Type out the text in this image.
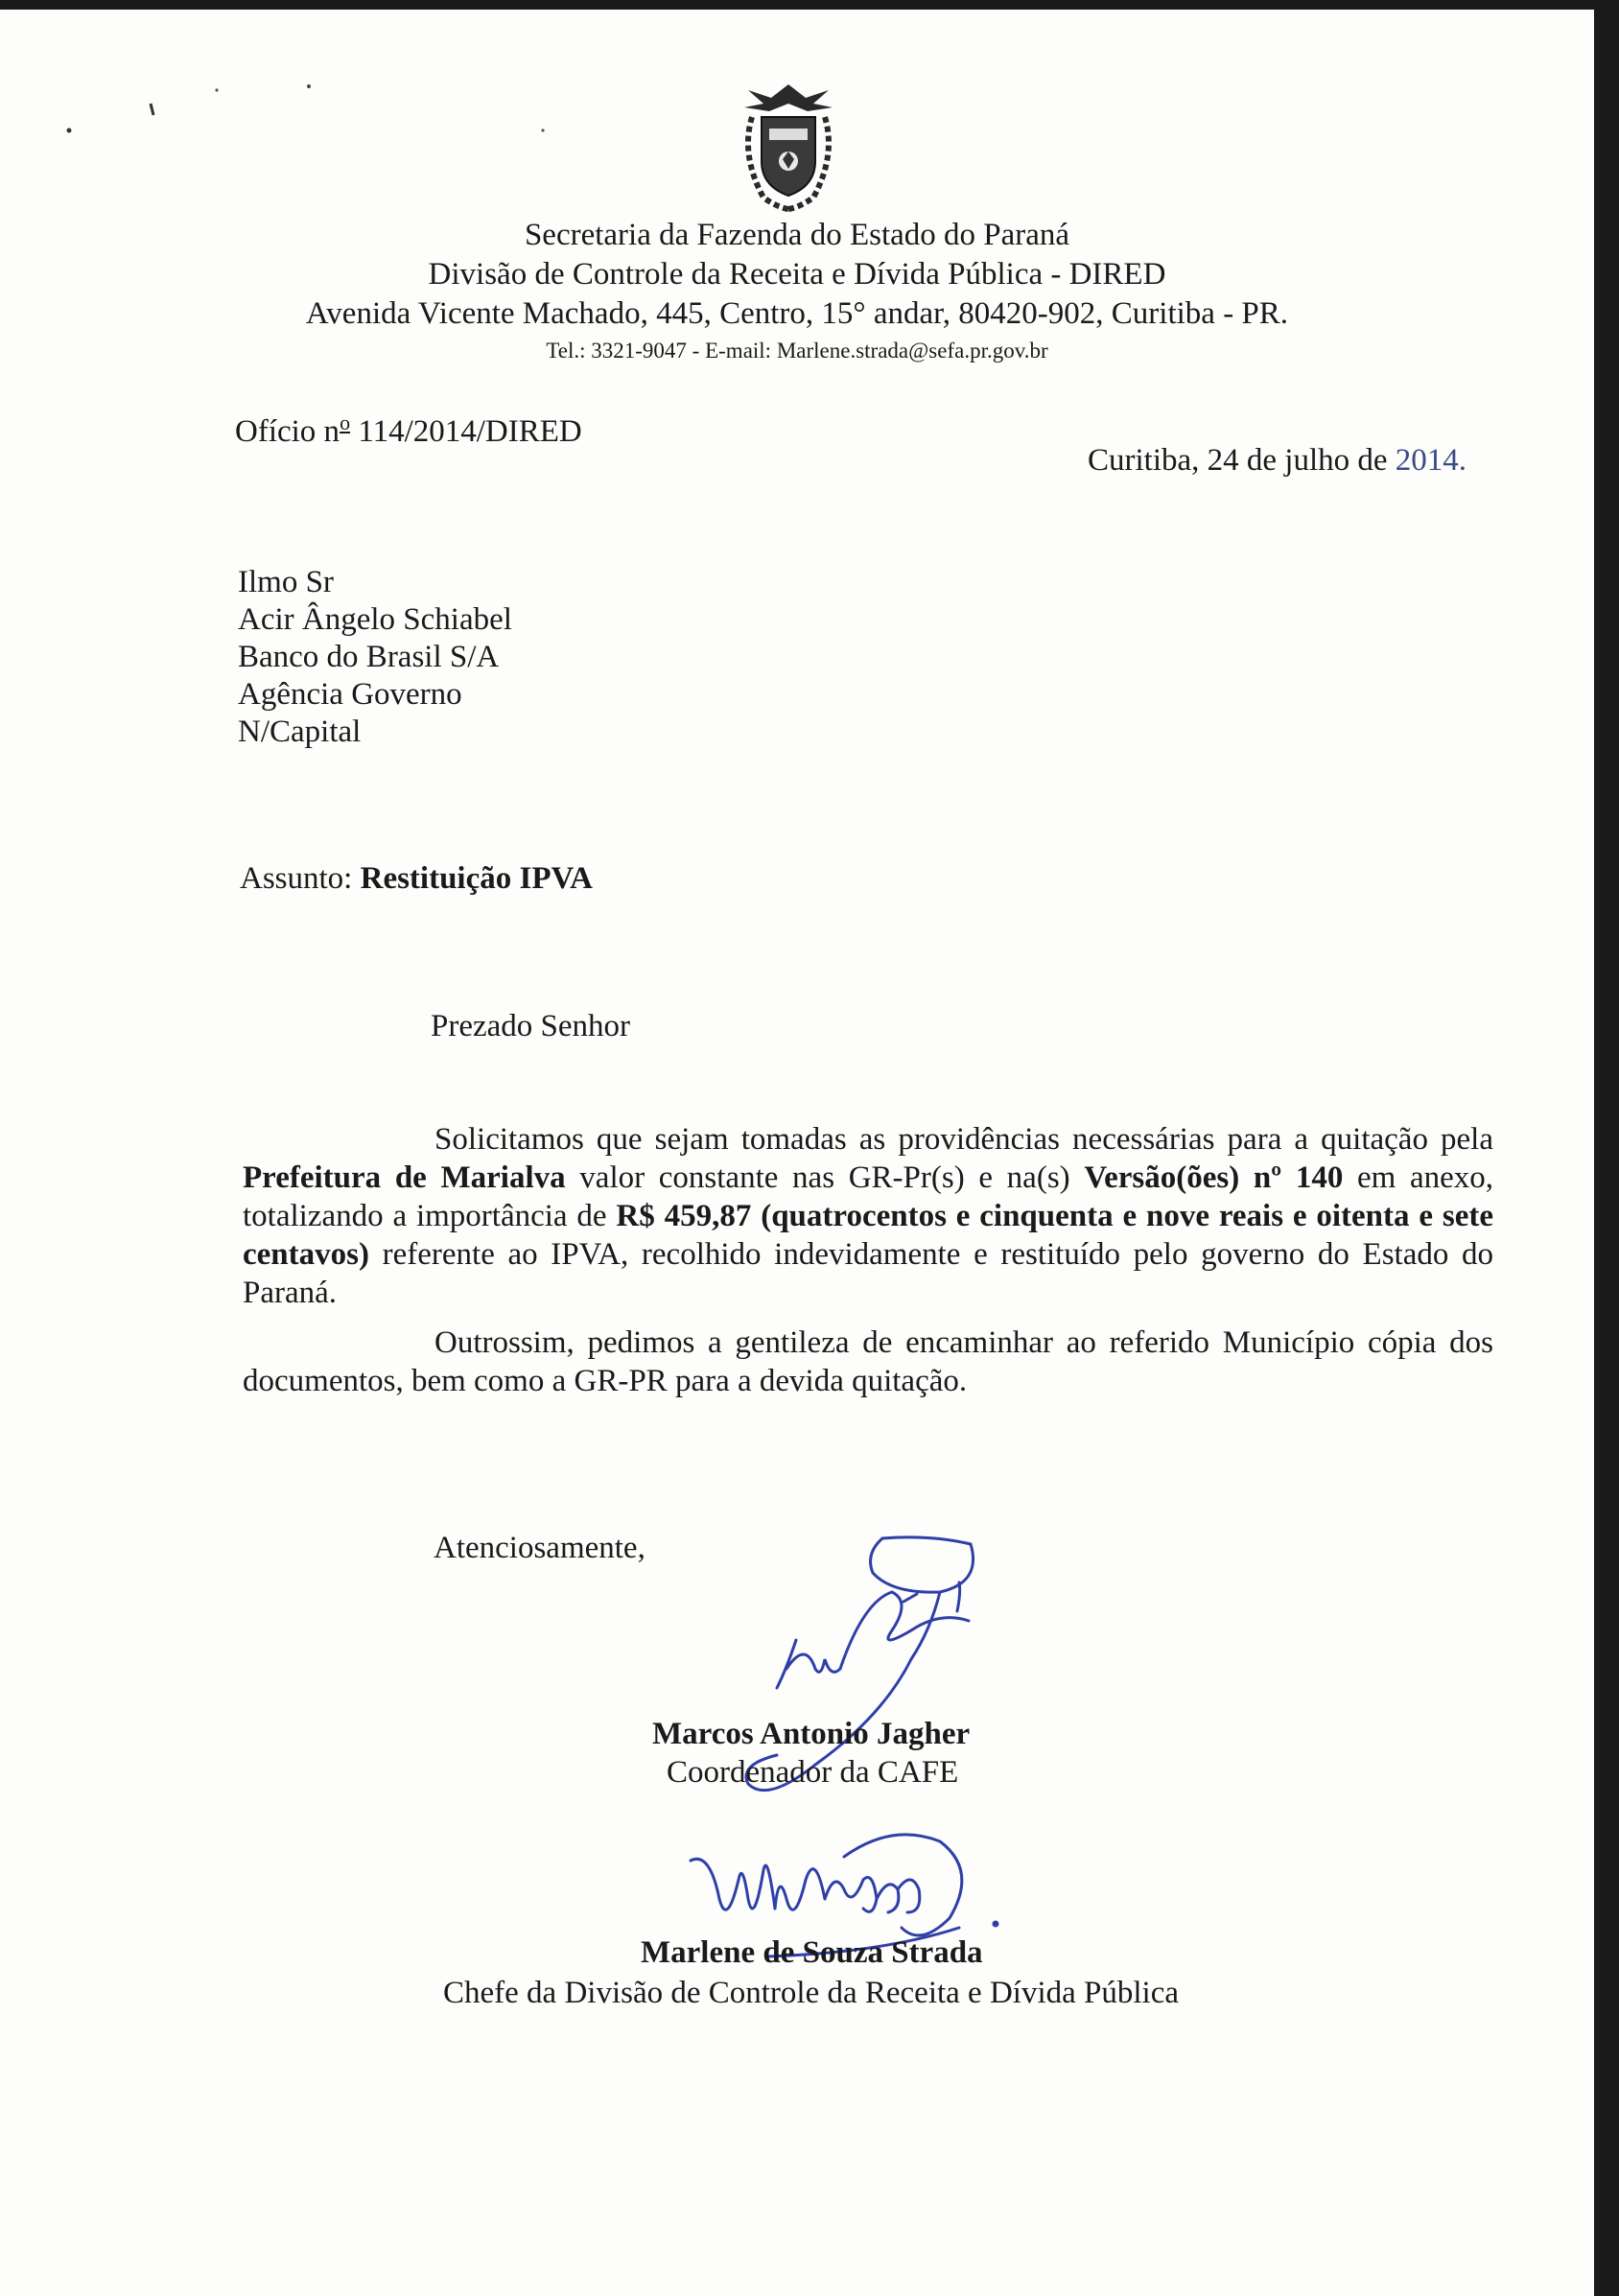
Secretaria da Fazenda do Estado do Paraná
Divisão de Controle da Receita e Dívida Pública - DIRED
Avenida Vicente Machado, 445, Centro, 15° andar, 80420-902, Curitiba - PR.
Tel.: 3321-9047 - E-mail: Marlene.strada@sefa.pr.gov.br
Ofício $n^o$ 114/2014/DIRED
Curitiba, 24 de julho de 2014.
Ilmo Sr
Acir Ângelo Schiabel
Banco do Brasil S/A
Agência Governo
N/Capital
Assunto: Restituição IPVA
Prezado Senhor
Solicitamos que sejam tomadas as providências necessárias para a quitação pela Prefeitura de Marialva valor constante nas GR-Pr(s) e na(s) Versão(ões) nº 140 em anexo, totalizando a importância de R$ 459,87 (quatrocentos e cinquenta e nove reais e oitenta e sete centavos) referente ao IPVA, recolhido indevidamente e restituído pelo governo do Estado do Paraná.
Outrossim, pedimos a gentileza de encaminhar ao referido Município cópia dos documentos, bem como a GR-PR para a devida quitação.
Atenciosamente,
Marcos Antonio Jagher
Coordenador da CAFE
Marlene de Souza Strada
Chefe da Divisão de Controle da Receita e Dívida Pública
